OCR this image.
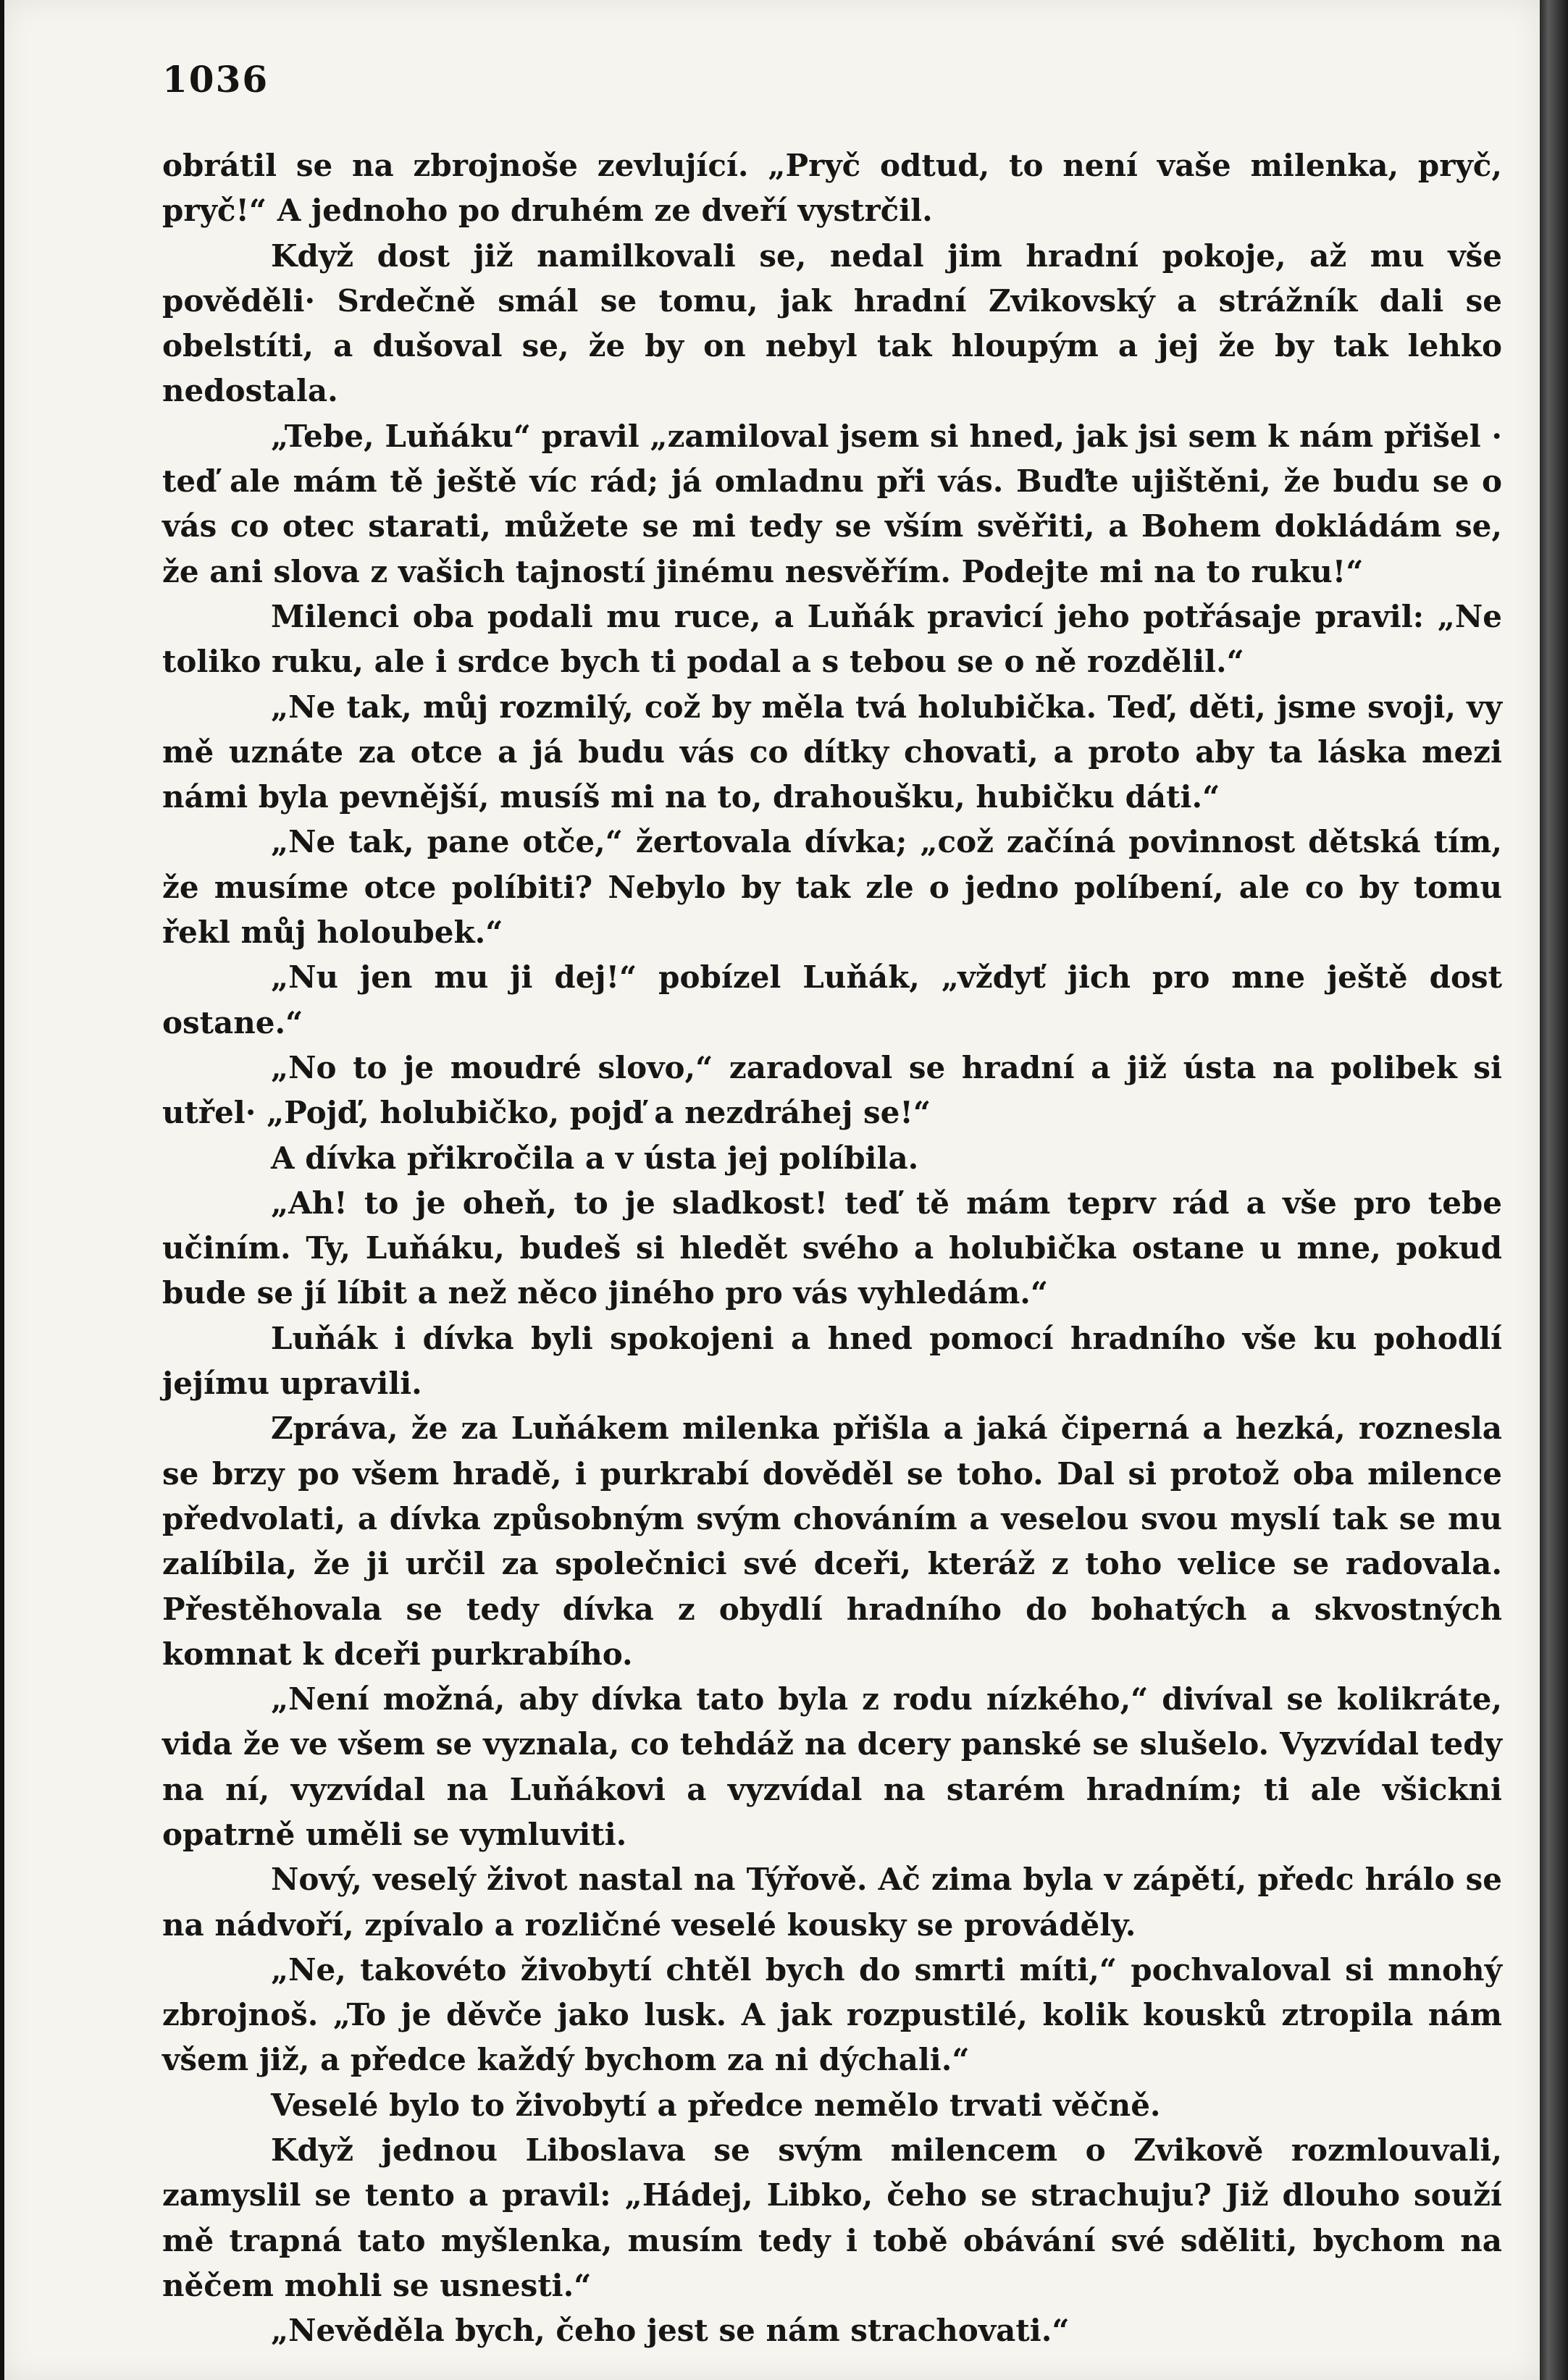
1036

obrátil se na zbrojnoše zevlující. „Pryč odtud, to není vaše milenka, pryč, pryč!“ A jednoho po druhém ze dveří vystrčil.

Když dost již namilkovali se, nedal jim hradní pokoje, až mu vše pověděli· Srdečně smál se tomu, jak hradní Zvikovský a strážník dali se obelstíti, a dušoval se, že by on nebyl tak hloupým a jej že by tak lehko nedostala.

„Tebe, Luňáku“ pravil „zamiloval jsem si hned, jak jsi sem k nám přišel · teď ale mám tě ještě víc rád; já omladnu při vás. Buďte ujištěni, že budu se o vás co otec starati, můžete se mi tedy se vším svěřiti, a Bohem dokládám se, že ani slova z vašich tajností jinému nesvěřím. Podejte mi na to ruku!“

Milenci oba podali mu ruce, a Luňák pravicí jeho potřásaje pravil: „Ne toliko ruku, ale i srdce bych ti podal a s tebou se o ně rozdělil.“

„Ne tak, můj rozmilý, což by měla tvá holubička. Teď, děti, jsme svoji, vy mě uznáte za otce a já budu vás co dítky chovati, a proto aby ta láska mezi námi byla pevnější, musíš mi na to, drahoušku, hubičku dáti.“

„Ne tak, pane otče,“ žertovala dívka; „což začíná povinnost dětská tím, že musíme otce políbiti? Nebylo by tak zle o jedno políbení, ale co by tomu řekl můj holoubek.“

„Nu jen mu ji dej!“ pobízel Luňák, „vždyť jich pro mne ještě dost ostane.“

„No to je moudré slovo,“ zaradoval se hradní a již ústa na polibek si utřel· „Pojď, holubičko, pojď a nezdráhej se!“

A dívka přikročila a v ústa jej políbila.

„Ah! to je oheň, to je sladkost! teď tě mám teprv rád a vše pro tebe učiním. Ty, Luňáku, budeš si hledět svého a holubička ostane u mne, pokud bude se jí líbit a než něco jiného pro vás vyhledám.“

Luňák i dívka byli spokojeni a hned pomocí hradního vše ku pohodlí jejímu upravili.

Zpráva, že za Luňákem milenka přišla a jaká čiperná a hezká, roznesla se brzy po všem hradě, i purkrabí dověděl se toho. Dal si protož oba milence předvolati, a dívka způsobným svým chováním a veselou svou myslí tak se mu zalíbila, že ji určil za společnici své dceři, kteráž z toho velice se radovala. Přestěhovala se tedy dívka z obydlí hradního do bohatých a skvostných komnat k dceři purkrabího.

„Není možná, aby dívka tato byla z rodu nízkého,“ divíval se kolikráte, vida že ve všem se vyznala, co tehdáž na dcery panské se slušelo. Vyzvídal tedy na ní, vyzvídal na Luňákovi a vyzvídal na starém hradním; ti ale všickni opatrně uměli se vymluviti.

Nový, veselý život nastal na Týřově. Ač zima byla v zápětí, předc hrálo se na nádvoří, zpívalo a rozličné veselé kousky se prováděly.

„Ne, takovéto živobytí chtěl bych do smrti míti,“ pochvaloval si mnohý zbrojnoš. „To je děvče jako lusk. A jak rozpustilé, kolik kousků ztropila nám všem již, a předce každý bychom za ni dýchali.“

Veselé bylo to živobytí a předce nemělo trvati věčně.

Když jednou Liboslava se svým milencem o Zvikově rozmlouvali, zamyslil se tento a pravil: „Hádej, Libko, čeho se strachuju? Již dlouho souží mě trapná tato myšlenka, musím tedy i tobě obávání své sděliti, bychom na něčem mohli se usnesti.“

„Nevěděla bych, čeho jest se nám strachovati.“
